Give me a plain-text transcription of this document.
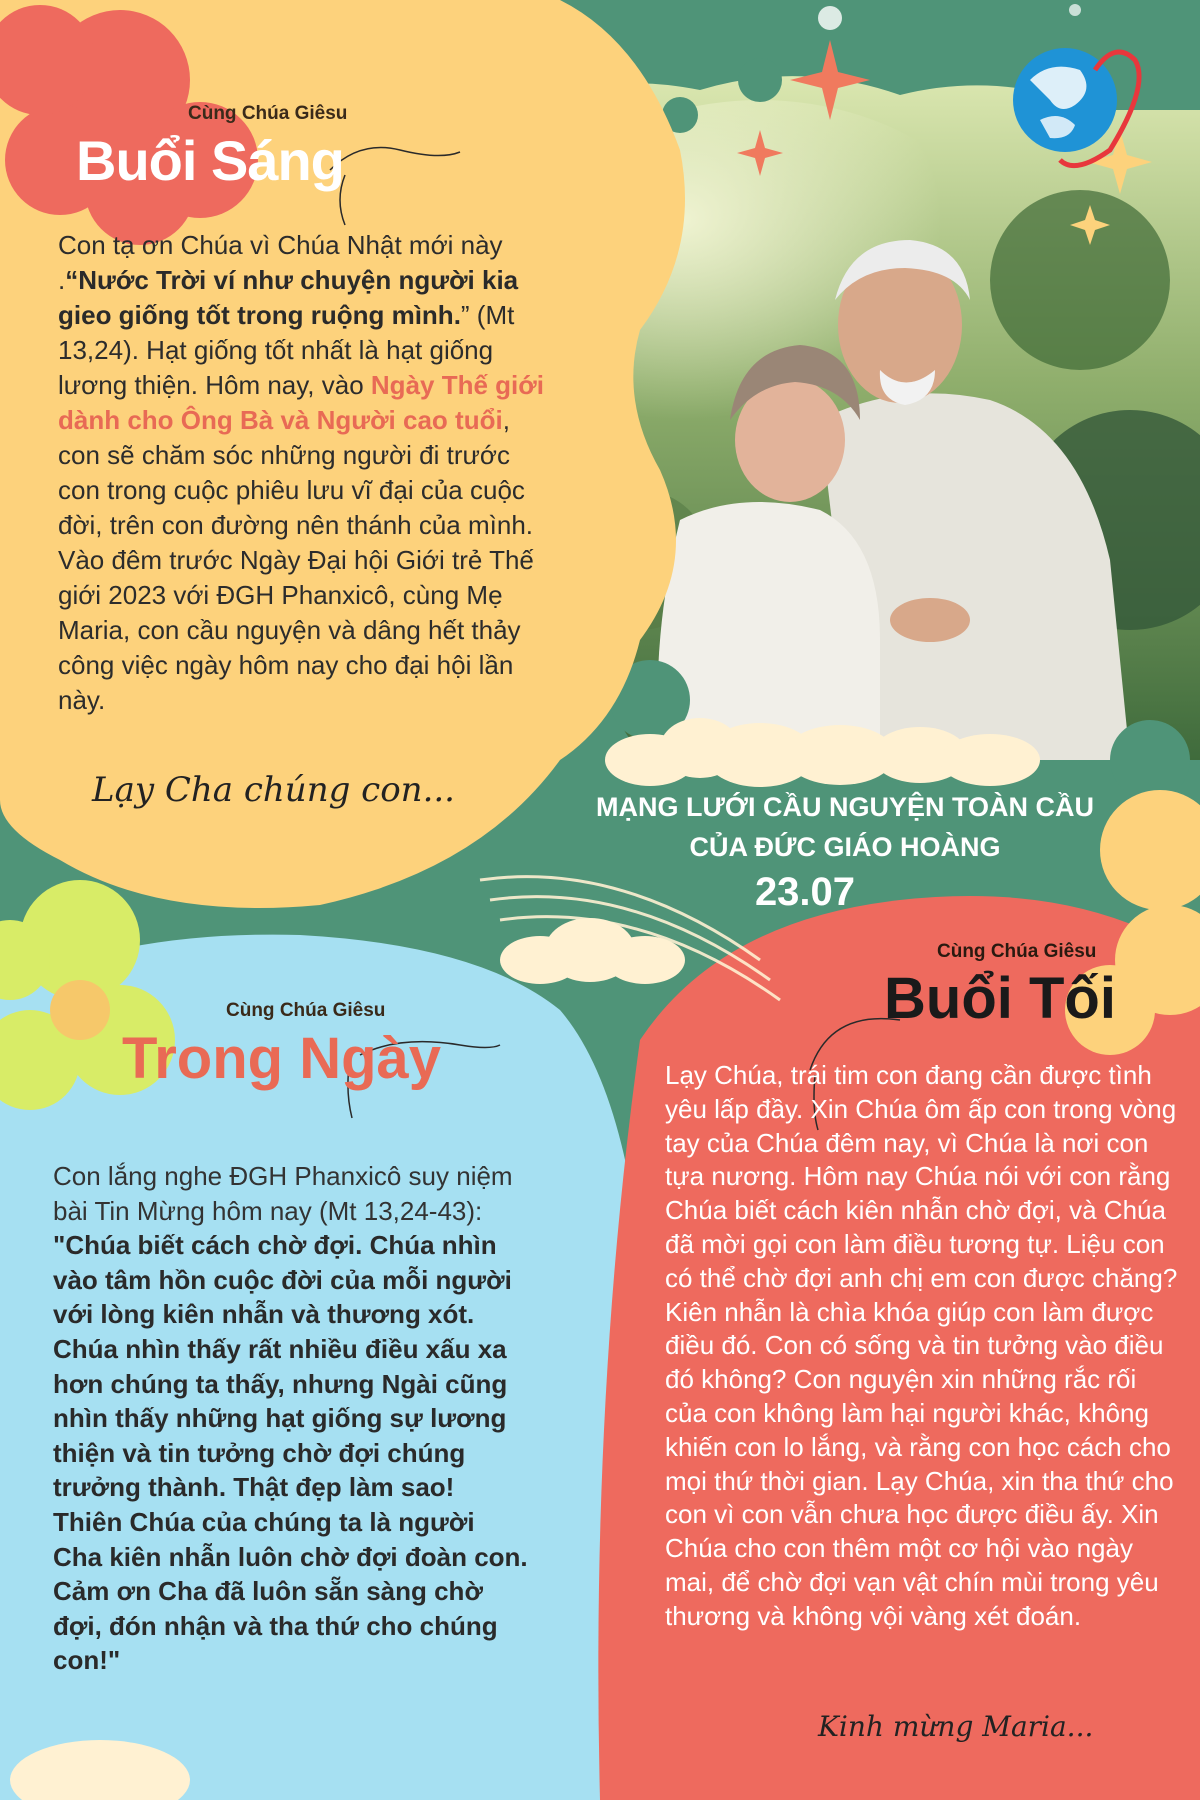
Cùng Chúa Giêsu

Buổi Sáng

Con tạ ơn Chúa vì Chúa Nhật mới này .“Nước Trời ví như chuyện người kia gieo giống tốt trong ruộng mình.” (Mt 13,24). Hạt giống tốt nhất là hạt giống lương thiện. Hôm nay, vào Ngày Thế giới dành cho Ông Bà và Người cao tuổi, con sẽ chăm sóc những người đi trước con trong cuộc phiêu lưu vĩ đại của cuộc đời, trên con đường nên thánh của mình. Vào đêm trước Ngày Đại hội Giới trẻ Thế giới 2023 với ĐGH Phanxicô, cùng Mẹ Maria, con cầu nguyện và dâng hết thảy công việc ngày hôm nay cho đại hội lần này.

Lạy Cha chúng con...	MẠNG LƯỚI CẦU NGUYỆN TOÀN CẦU

CỦA ĐỨC GIÁO HOÀNG

23.07

Cùng Chúa Giêsu

Trong Ngày

Con lắng nghe ĐGH Phanxicô suy niệm bài Tin Mừng hôm nay (Mt 13,24-43): "Chúa biết cách chờ đợi. Chúa nhìn vào tâm hồn cuộc đời của mỗi người với lòng kiên nhẫn và thương xót. Chúa nhìn thấy rất nhiều điều xấu xa hơn chúng ta thấy, nhưng Ngài cũng nhìn thấy những hạt giống sự lương thiện và tin tưởng chờ đợi chúng trưởng thành. Thật đẹp làm sao! Thiên Chúa của chúng ta là người Cha kiên nhẫn luôn chờ đợi đoàn con. Cảm ơn Cha đã luôn sẵn sàng chờ đợi, đón nhận và tha thứ cho chúng con!"

Cùng Chúa Giêsu

Buổi Tối

Lạy Chúa, trái tim con đang cần được tình yêu lấp đầy. Xin Chúa ôm ấp con trong vòng tay của Chúa đêm nay, vì Chúa là nơi con tựa nương. Hôm nay Chúa nói với con rằng Chúa biết cách kiên nhẫn chờ đợi, và Chúa đã mời gọi con làm điều tương tự. Liệu con có thể chờ đợi anh chị em con được chăng? Kiên nhẫn là chìa khóa giúp con làm được điều đó. Con có sống và tin tưởng vào điều đó không? Con nguyện xin những rắc rối của con không làm hại người khác, không khiến con lo lắng, và rằng con học cách cho mọi thứ thời gian. Lạy Chúa, xin tha thứ cho con vì con vẫn chưa học được điều ấy. Xin Chúa cho con thêm một cơ hội vào ngày mai, để chờ đợi vạn vật chín mùi trong yêu thương và không vội vàng xét đoán.

Kinh mừng Maria...
